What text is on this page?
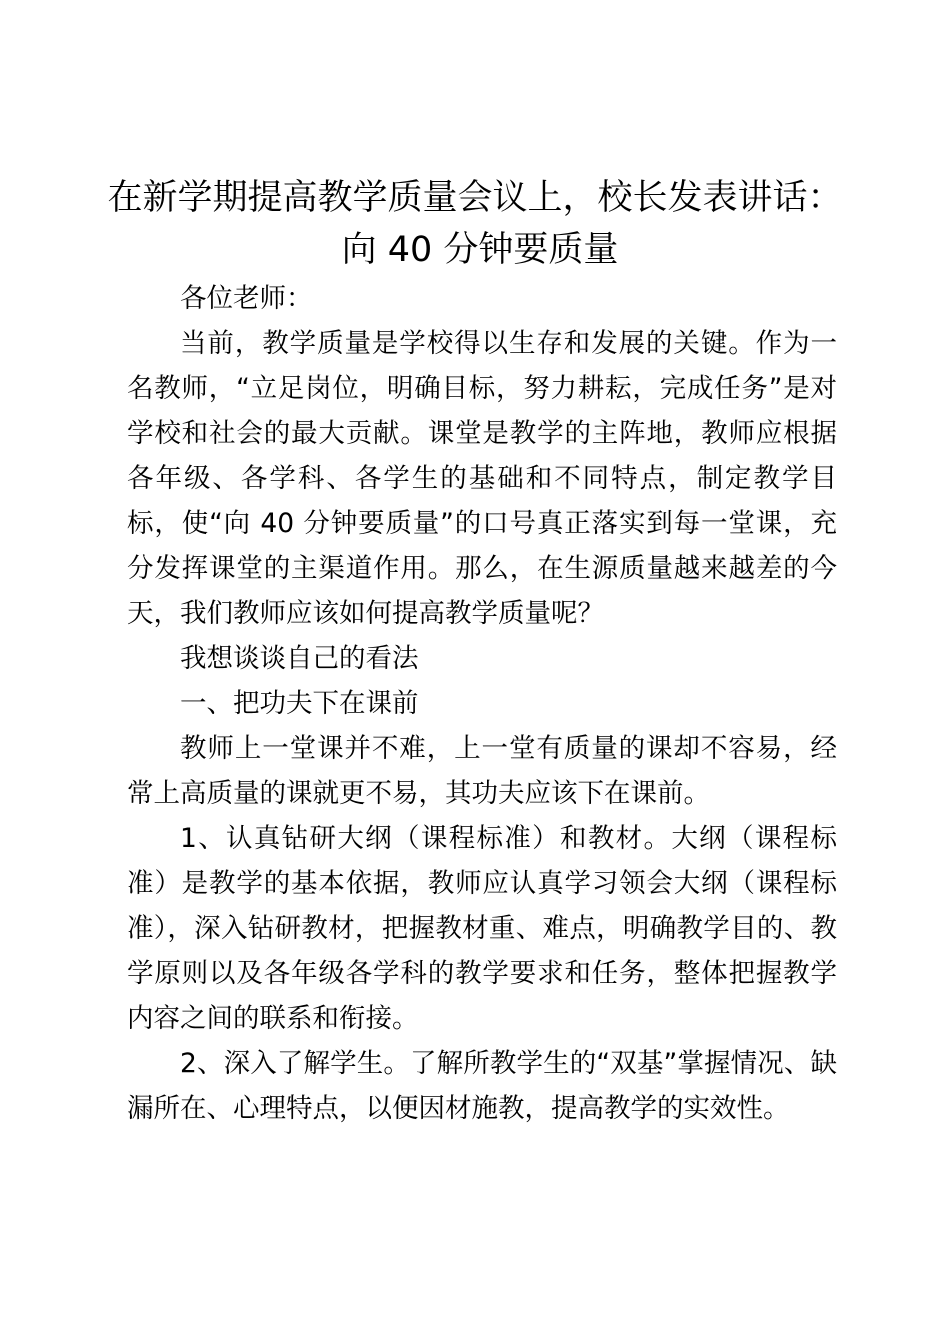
在新学期提高教学质量会议上，校长发表讲话：
向 40 分钟要质量

各位老师：

当前，教学质量是学校得以生存和发展的关键。作为一名教师，“立足岗位，明确目标，努力耕耘，完成任务”是对学校和社会的最大贡献。课堂是教学的主阵地，教师应根据各年级、各学科、各学生的基础和不同特点，制定教学目标，使“向 40 分钟要质量”的口号真正落实到每一堂课，充分发挥课堂的主渠道作用。那么，在生源质量越来越差的今天，我们教师应该如何提高教学质量呢？

我想谈谈自己的看法

一、把功夫下在课前

教师上一堂课并不难，上一堂有质量的课却不容易，经常上高质量的课就更不易，其功夫应该下在课前。

1、认真钻研大纲（课程标准）和教材。大纲（课程标准）是教学的基本依据，教师应认真学习领会大纲（课程标准），深入钻研教材，把握教材重、难点，明确教学目的、教学原则以及各年级各学科的教学要求和任务，整体把握教学内容之间的联系和衔接。

2、深入了解学生。了解所教学生的“双基”掌握情况、缺漏所在、心理特点，以便因材施教，提高教学的实效性。
